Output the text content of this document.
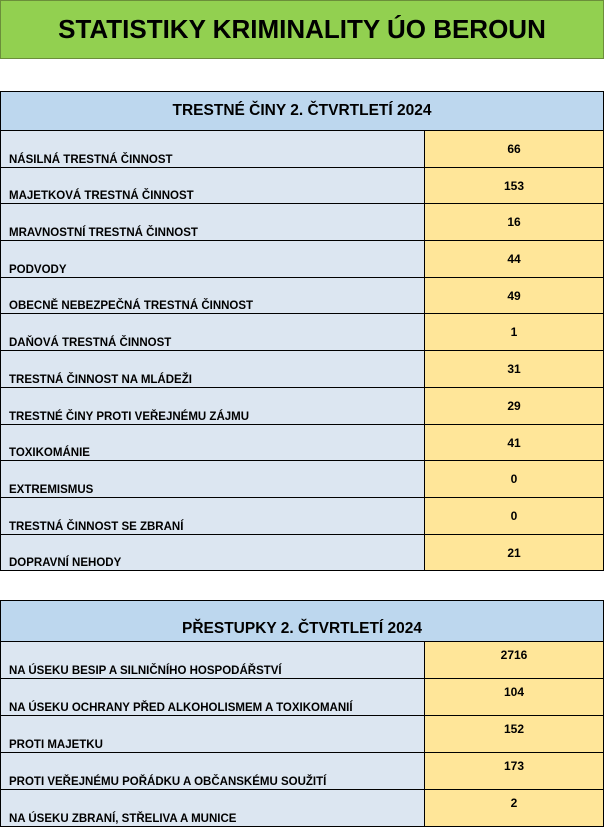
STATISTIKY KRIMINALITY ÚO BEROUN
TRESTNÉ ČINY 2. ČTVRTLETÍ 2024
NÁSILNÁ TRESTNÁ ČINNOST
66
MAJETKOVÁ TRESTNÁ ČINNOST
153
MRAVNOSTNÍ TRESTNÁ ČINNOST
16
PODVODY
44
OBECNĚ NEBEZPEČNÁ TRESTNÁ ČINNOST
49
DAŇOVÁ TRESTNÁ ČINNOST
1
TRESTNÁ ČINNOST NA MLÁDEŽI
31
TRESTNÉ ČINY PROTI VEŘEJNÉMU ZÁJMU
29
TOXIKOMÁNIE
41
EXTREMISMUS
0
TRESTNÁ ČINNOST SE ZBRANÍ
0
DOPRAVNÍ NEHODY
21
PŘESTUPKY 2. ČTVRTLETÍ 2024
NA ÚSEKU BESIP A SILNIČNÍHO HOSPODÁŘSTVÍ
2716
NA ÚSEKU OCHRANY PŘED ALKOHOLISMEM A TOXIKOMANIÍ
104
PROTI MAJETKU
152
PROTI VEŘEJNÉMU POŘÁDKU A OBČANSKÉMU SOUŽITÍ
173
NA ÚSEKU ZBRANÍ, STŘELIVA A MUNICE
2
